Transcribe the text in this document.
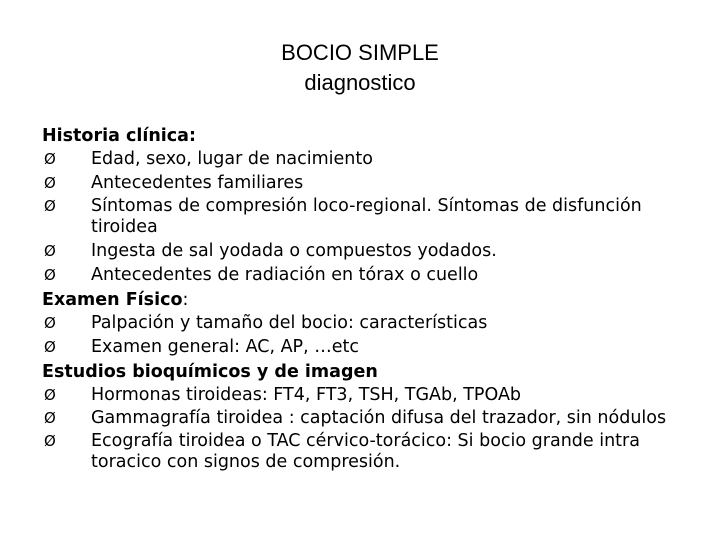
BOCIO SIMPLE
diagnostico
Historia clínica:
Ø Edad, sexo, lugar de nacimiento
Ø Antecedentes familiares
Ø Síntomas de compresión loco-regional. Síntomas de disfunción tiroidea
Ø Ingesta de sal yodada o compuestos yodados.
Ø Antecedentes de radiación en tórax o cuello
Examen Físico:
Ø Palpación y tamaño del bocio: características
Ø Examen general: AC, AP, …etc
Estudios bioquímicos y de imagen
Ø Hormonas tiroideas: FT4, FT3, TSH, TGAb, TPOAb
Ø Gammagrafía tiroidea : captación difusa del trazador, sin nódulos
Ø Ecografía tiroidea o TAC cérvico-torácico: Si bocio grande intra toracico con signos de compresión.
